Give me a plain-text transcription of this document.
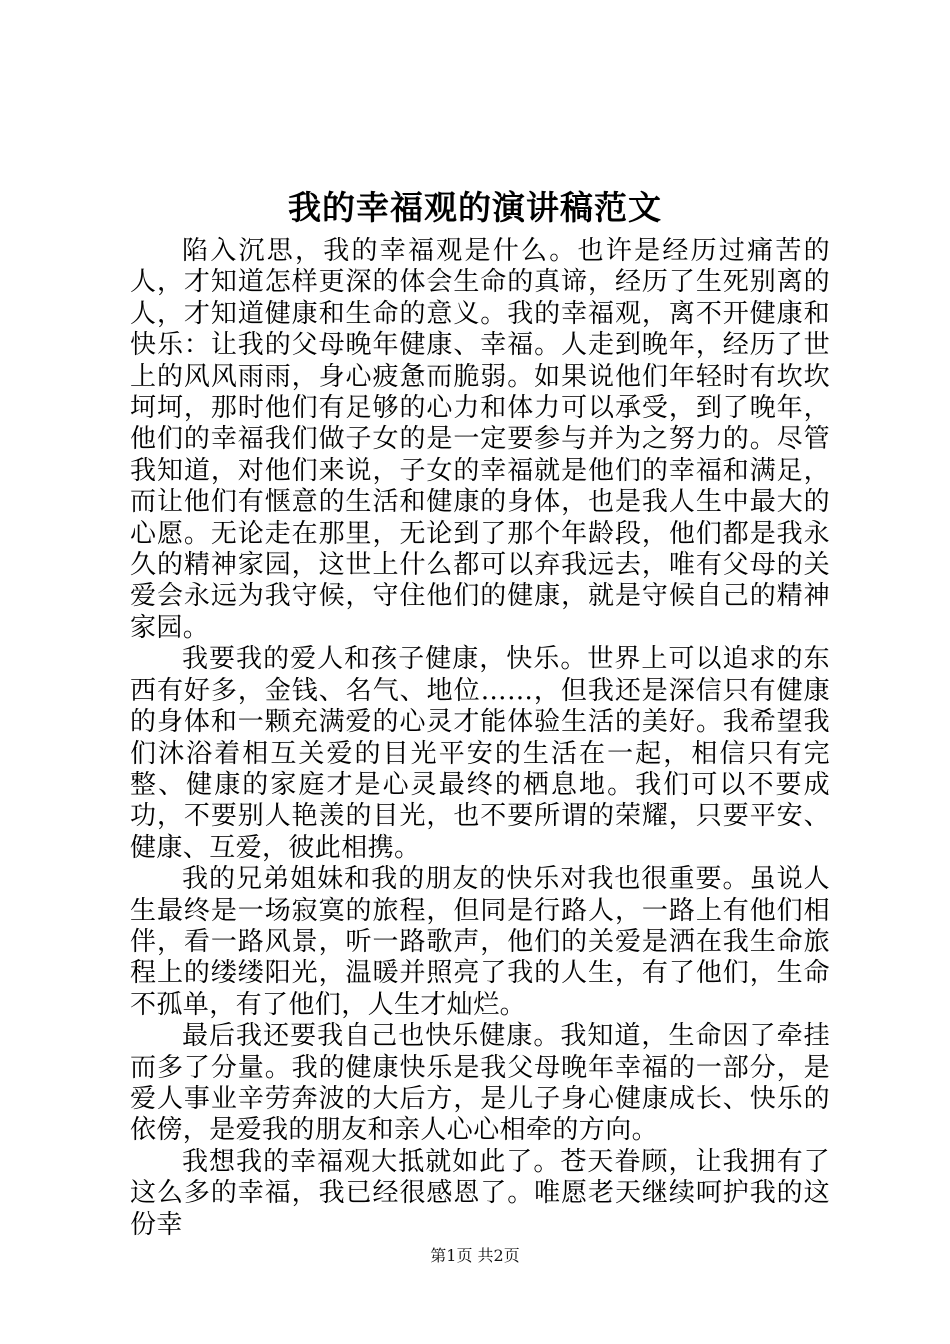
我的幸福观的演讲稿范文

陷入沉思，我的幸福观是什么。也许是经历过痛苦的人，才知道怎样更深的体会生命的真谛，经历了生死别离的人，才知道健康和生命的意义。我的幸福观，离不开健康和快乐：让我的父母晚年健康、幸福。人走到晚年，经历了世上的风风雨雨，身心疲惫而脆弱。如果说他们年轻时有坎坎坷坷，那时他们有足够的心力和体力可以承受，到了晚年，他们的幸福我们做子女的是一定要参与并为之努力的。尽管我知道，对他们来说，子女的幸福就是他们的幸福和满足，而让他们有惬意的生活和健康的身体，也是我人生中最大的心愿。无论走在那里，无论到了那个年龄段，他们都是我永久的精神家园，这世上什么都可以弃我远去，唯有父母的关爱会永远为我守候，守住他们的健康，就是守候自己的精神家园。

我要我的爱人和孩子健康，快乐。世界上可以追求的东西有好多，金钱、名气、地位……，但我还是深信只有健康的身体和一颗充满爱的心灵才能体验生活的美好。我希望我们沐浴着相互关爱的目光平安的生活在一起，相信只有完整、健康的家庭才是心灵最终的栖息地。我们可以不要成功，不要别人艳羡的目光，也不要所谓的荣耀，只要平安、健康、互爱，彼此相携。

我的兄弟姐妹和我的朋友的快乐对我也很重要。虽说人生最终是一场寂寞的旅程，但同是行路人，一路上有他们相伴，看一路风景，听一路歌声，他们的关爱是洒在我生命旅程上的缕缕阳光，温暖并照亮了我的人生，有了他们，生命不孤单，有了他们，人生才灿烂。

最后我还要我自己也快乐健康。我知道，生命因了牵挂而多了分量。我的健康快乐是我父母晚年幸福的一部分，是爱人事业辛劳奔波的大后方，是儿子身心健康成长、快乐的依傍，是爱我的朋友和亲人心心相牵的方向。

我想我的幸福观大抵就如此了。苍天眷顾，让我拥有了这么多的幸福，我已经很感恩了。唯愿老天继续呵护我的这份幸

第1页 共2页
